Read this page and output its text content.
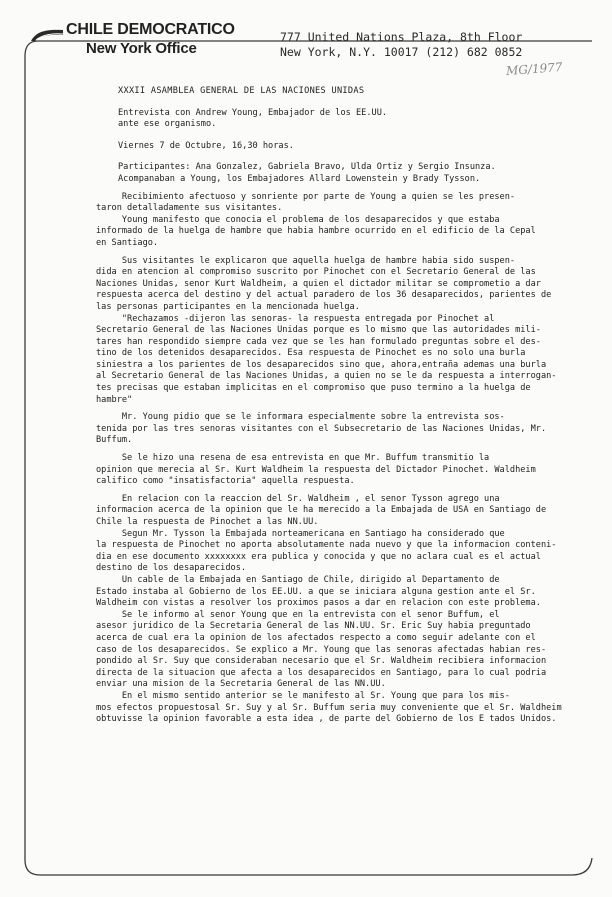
CHILE DEMOCRATICO
New York Office
777 United Nations Plaza, 8th Floor
New York, N.Y. 10017 (212) 682 0852
MG/1977
XXXII ASAMBLEA GENERAL DE LAS NACIONES UNIDAS
Entrevista con Andrew Young, Embajador de los EE.UU.
ante ese organismo.
Viernes 7 de Octubre, 16,30 horas.
Participantes: Ana Gonzalez, Gabriela Bravo, Ulda Ortiz y Sergio Insunza.
Acompanaban a Young, los Embajadores Allard Lowenstein y Brady Tysson.
Recibimiento afectuoso y sonriente por parte de Young a quien se les presen-
taron detalladamente sus visitantes.
Young manifesto que conocia el problema de los desaparecidos y que estaba
informado de la huelga de hambre que habia hambre ocurrido en el edificio de la Cepal
en Santiago.
Sus visitantes le explicaron que aquella huelga de hambre habia sido suspen-
dida en atencion al compromiso suscrito por Pinochet con el Secretario General de las
Naciones Unidas, senor Kurt Waldheim, a quien el dictador militar se comprometio a dar
respuesta acerca del destino y del actual paradero de los 36 desaparecidos, parientes de
las personas participantes en la mencionada huelga.
"Rechazamos -dijeron las senoras- la respuesta entregada por Pinochet al
Secretario General de las Naciones Unidas porque es lo mismo que las autoridades mili-
tares han respondido siempre cada vez que se les han formulado preguntas sobre el des-
tino de los detenidos desaparecidos. Esa respuesta de Pinochet es no solo una burla
siniestra a los parientes de los desaparecidos sino que, ahora,entraña ademas una burla
al Secretario General de las Naciones Unidas, a quien no se le da respuesta a interrogan-
tes precisas que estaban implicitas en el compromiso que puso termino a la huelga de
hambre"
Mr. Young pidio que se le informara especialmente sobre la entrevista sos-
tenida por las tres senoras visitantes con el Subsecretario de las Naciones Unidas, Mr.
Buffum.
Se le hizo una resena de esa entrevista en que Mr. Buffum transmitio la
opinion que merecia al Sr. Kurt Waldheim la respuesta del Dictador Pinochet. Waldheim
califico como "insatisfactoria" aquella respuesta.
En relacion con la reaccion del Sr. Waldheim , el senor Tysson agrego una
informacion acerca de la opinion que le ha merecido a la Embajada de USA en Santiago de
Chile la respuesta de Pinochet a las NN.UU.
Segun Mr. Tysson la Embajada norteamericana en Santiago ha considerado que
la respuesta de Pinochet no aporta absolutamente nada nuevo y que la informacion conteni-
dia en ese documento xxxxxxxx era publica y conocida y que no aclara cual es el actual
destino de los desaparecidos.
Un cable de la Embajada en Santiago de Chile, dirigido al Departamento de
Estado instaba al Gobierno de los EE.UU. a que se iniciara alguna gestion ante el Sr.
Waldheim con vistas a resolver los proximos pasos a dar en relacion con este problema.
Se le informo al senor Young que en la entrevista con el senor Buffum, el
asesor juridico de la Secretaria General de las NN.UU. Sr. Eric Suy habia preguntado
acerca de cual era la opinion de los afectados respecto a como seguir adelante con el
caso de los desaparecidos. Se explico a Mr. Young que las senoras afectadas habian res-
pondido al Sr. Suy que consideraban necesario que el Sr. Waldheim recibiera informacion
directa de la situacion que afecta a los desaparecidos en Santiago, para lo cual podria
enviar una mision de la Secretaria General de las NN.UU.
En el mismo sentido anterior se le manifesto al Sr. Young que para los mis-
mos efectos propuestosal Sr. Suy y al Sr. Buffum seria muy conveniente que el Sr. Waldheim
obtuvisse la opinion favorable a esta idea , de parte del Gobierno de los E tados Unidos.
